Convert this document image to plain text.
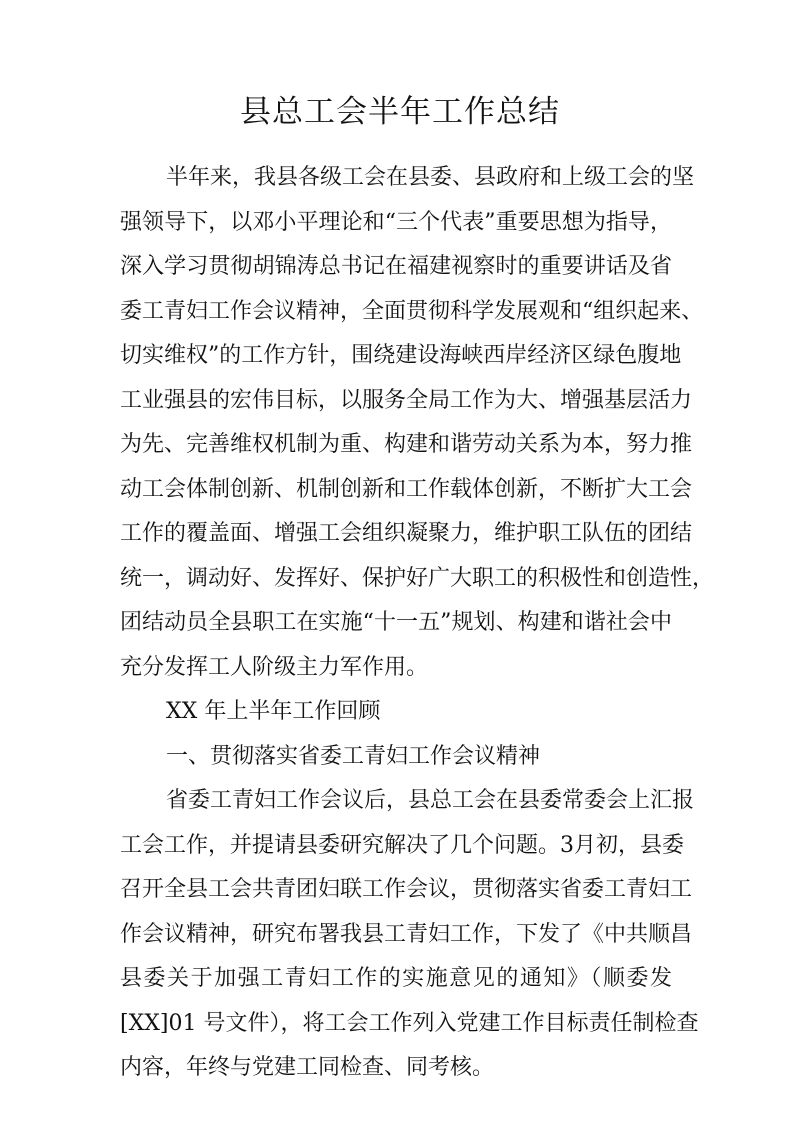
县总工会半年工作总结
半年来，我县各级工会在县委、县政府和上级工会的坚
强领导下，以邓小平理论和“三个代表”重要思想为指导，
深入学习贯彻胡锦涛总书记在福建视察时的重要讲话及省
委工青妇工作会议精神，全面贯彻科学发展观和“组织起来、
切实维权”的工作方针，围绕建设海峡西岸经济区绿色腹地
工业强县的宏伟目标，以服务全局工作为大、增强基层活力
为先、完善维权机制为重、构建和谐劳动关系为本，努力推
动工会体制创新、机制创新和工作载体创新，不断扩大工会
工作的覆盖面、增强工会组织凝聚力，维护职工队伍的团结
统一，调动好、发挥好、保护好广大职工的积极性和创造性，
团结动员全县职工在实施“十一五”规划、构建和谐社会中
充分发挥工人阶级主力军作用。
XX 年上半年工作回顾
一、贯彻落实省委工青妇工作会议精神
省委工青妇工作会议后，县总工会在县委常委会上汇报
工会工作，并提请县委研究解决了几个问题。3月初，县委
召开全县工会共青团妇联工作会议，贯彻落实省委工青妇工
作会议精神，研究布署我县工青妇工作，下发了《中共顺昌
县委关于加强工青妇工作的实施意见的通知》（顺委发
[XX]01 号文件），将工会工作列入党建工作目标责任制检查
内容，年终与党建工同检查、同考核。
